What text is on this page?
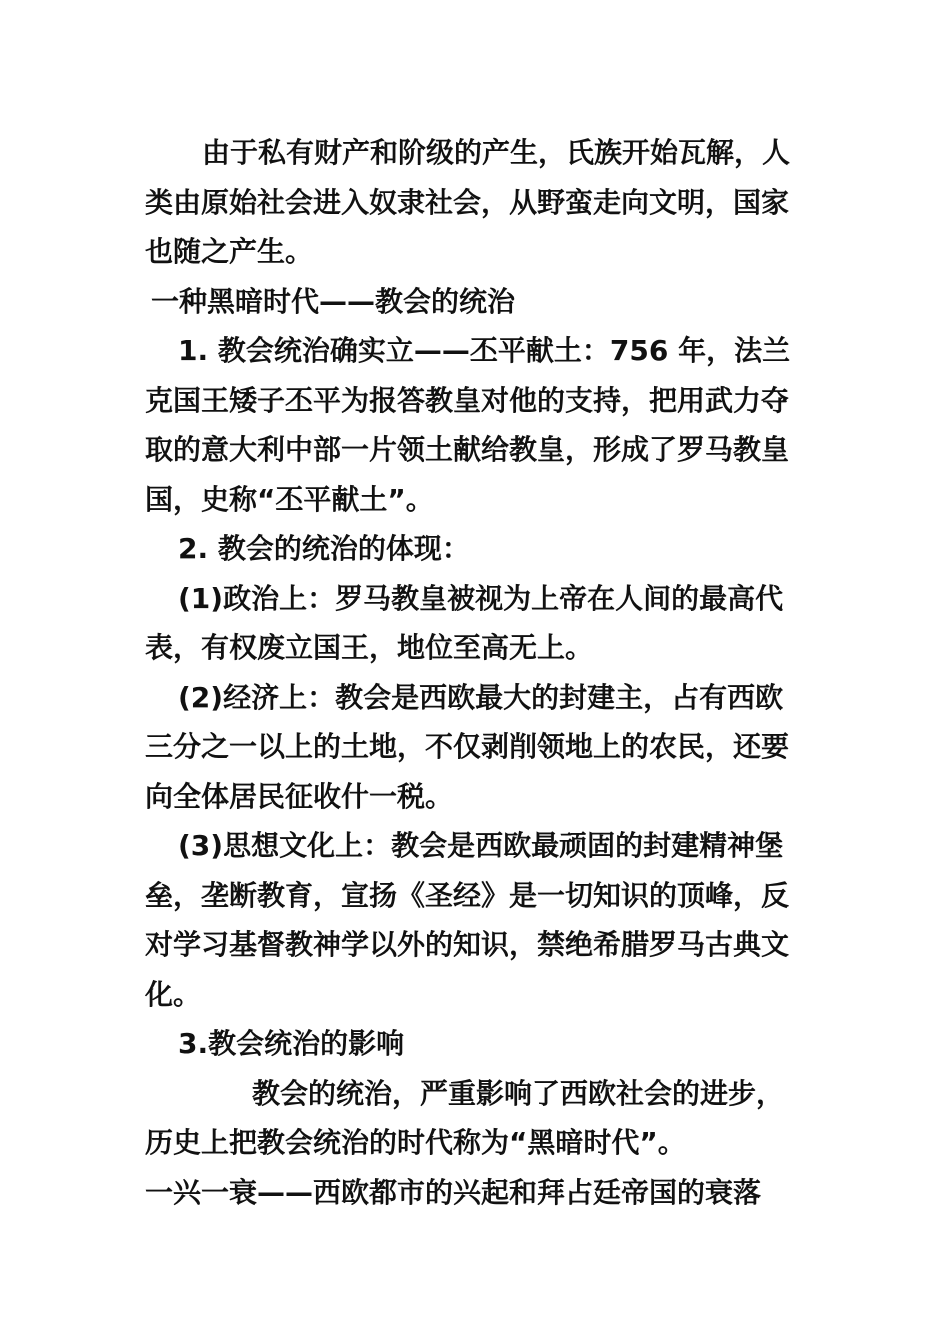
由于私有财产和阶级的产生，氏族开始瓦解，人类由原始社会进入奴隶社会，从野蛮走向文明，国家也随之产生。

一种黑暗时代——教会的统治

1. 教会统治确实立——丕平献土：756 年，法兰克国王矮子丕平为报答教皇对他的支持，把用武力夺取的意大利中部一片领土献给教皇，形成了罗马教皇国，史称“丕平献土”。

2. 教会的统治的体现：

(1)政治上：罗马教皇被视为上帝在人间的最高代表，有权废立国王，地位至高无上。

(2)经济上：教会是西欧最大的封建主，占有西欧三分之一以上的土地，不仅剥削领地上的农民，还要向全体居民征收什一税。

(3)思想文化上：教会是西欧最顽固的封建精神堡垒，垄断教育，宣扬《圣经》是一切知识的顶峰，反对学习基督教神学以外的知识，禁绝希腊罗马古典文化。

3.教会统治的影响

教会的统治，严重影响了西欧社会的进步，历史上把教会统治的时代称为“黑暗时代”。

一兴一衰——西欧都市的兴起和拜占廷帝国的衰落
